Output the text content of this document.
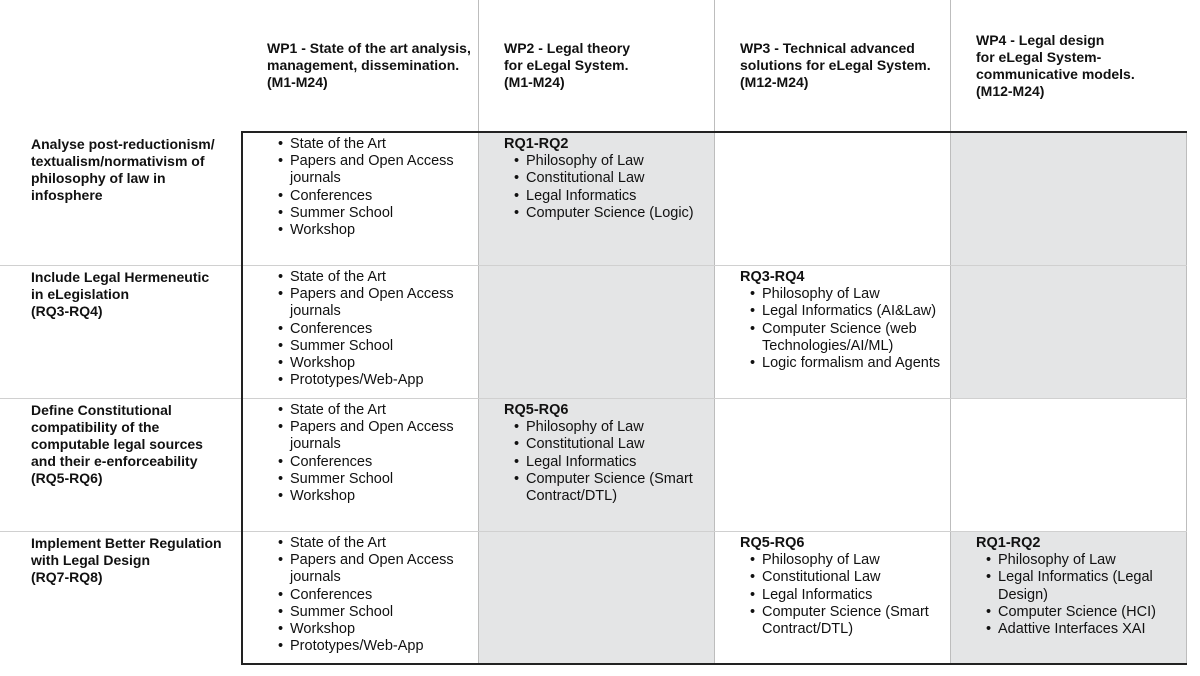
WP1 - State of the art analysis,
management, dissemination.
(M1-M24)
WP2 - Legal theory
for eLegal System.
(M1-M24)
WP3 - Technical advanced
solutions for eLegal System.
(M12-M24)
WP4 - Legal design
for eLegal System-
communicative models.
(M12-M24)
Analyse post-reductionism/
textualism/normativism of
philosophy of law in
infosphere
• State of the Art
• Papers and Open Access
journals
• Conferences
• Summer School
• Workshop
RQ1-RQ2
• Philosophy of Law
• Constitutional Law
• Legal Informatics
• Computer Science (Logic)
Include Legal Hermeneutic
in eLegislation
(RQ3-RQ4)
• State of the Art
• Papers and Open Access
journals
• Conferences
• Summer School
• Workshop
• Prototypes/Web-App
RQ3-RQ4
• Philosophy of Law
• Legal Informatics (AI&Law)
• Computer Science (web
Technologies/AI/ML)
• Logic formalism and Agents
Define Constitutional
compatibility of the
computable legal sources
and their e-enforceability
(RQ5-RQ6)
• State of the Art
• Papers and Open Access
journals
• Conferences
• Summer School
• Workshop
RQ5-RQ6
• Philosophy of Law
• Constitutional Law
• Legal Informatics
• Computer Science (Smart
Contract/DTL)
Implement Better Regulation
with Legal Design
(RQ7-RQ8)
• State of the Art
• Papers and Open Access
journals
• Conferences
• Summer School
• Workshop
• Prototypes/Web-App
RQ5-RQ6
• Philosophy of Law
• Constitutional Law
• Legal Informatics
• Computer Science (Smart
Contract/DTL)
RQ1-RQ2
• Philosophy of Law
• Legal Informatics (Legal
Design)
• Computer Science (HCI)
• Adattive Interfaces XAI
